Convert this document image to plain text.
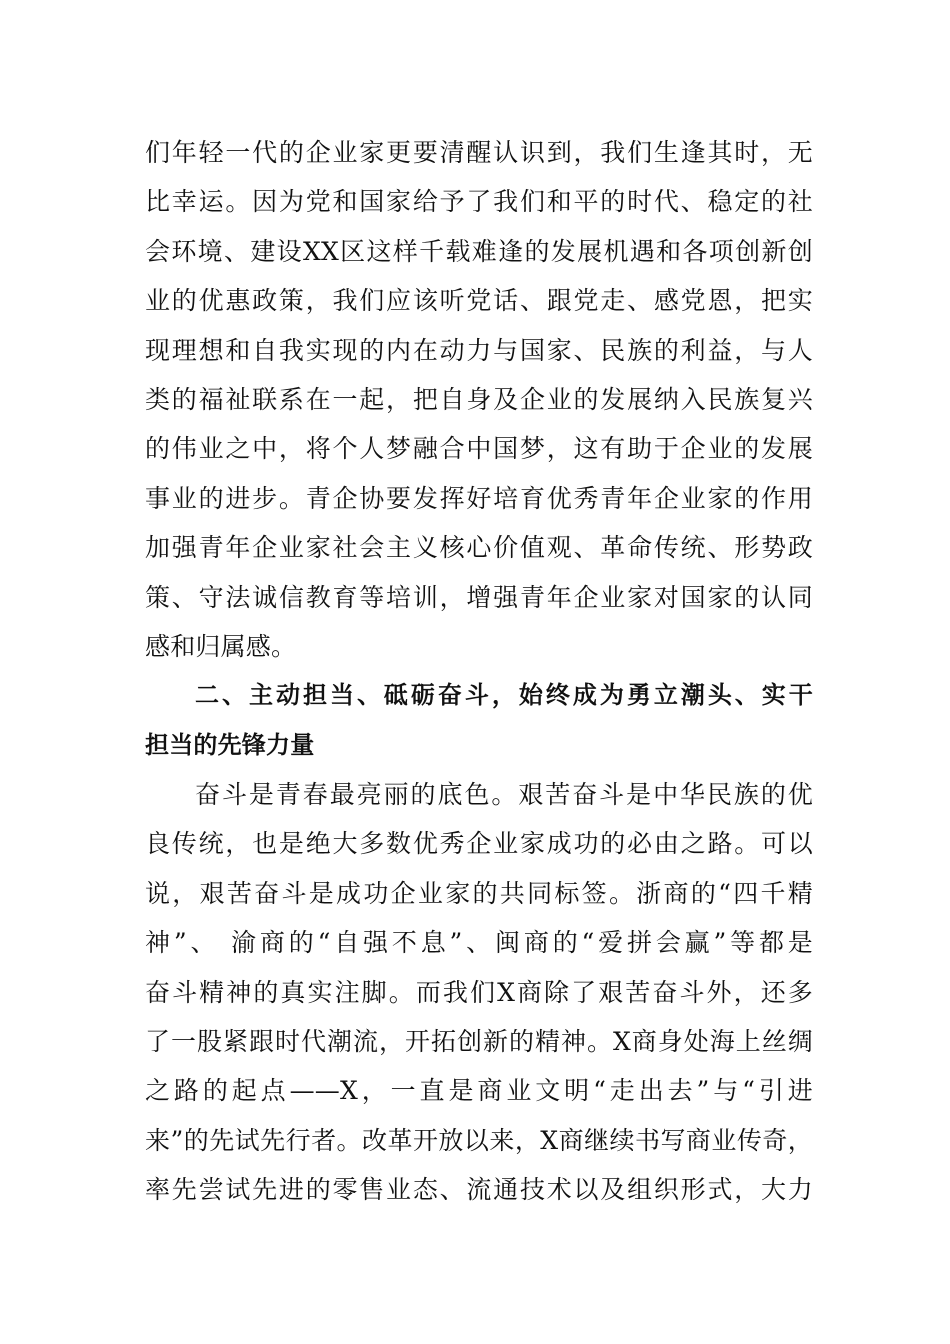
们年轻一代的企业家更要清醒认识到，我们生逢其时，无
比幸运。因为党和国家给予了我们和平的时代、稳定的社
会环境、建设XX区这样千载难逢的发展机遇和各项创新创
业的优惠政策，我们应该听党话、跟党走、感党恩，把实
现理想和自我实现的内在动力与国家、民族的利益，与人
类的福祉联系在一起，把自身及企业的发展纳入民族复兴
的伟业之中，将个人梦融合中国梦，这有助于企业的发展
事业的进步。青企协要发挥好培育优秀青年企业家的作用
加强青年企业家社会主义核心价值观、革命传统、形势政
策、守法诚信教育等培训，增强青年企业家对国家的认同
感和归属感。
二、主动担当、砥砺奋斗，始终成为勇立潮头、实干
担当的先锋力量
奋斗是青春最亮丽的底色。艰苦奋斗是中华民族的优
良传统，也是绝大多数优秀企业家成功的必由之路。可以
说，艰苦奋斗是成功企业家的共同标签。浙商的“四千精
神”、 渝商的“自强不息”、闽商的“爱拼会赢”等都是
奋斗精神的真实注脚。而我们X商除了艰苦奋斗外，还多
了一股紧跟时代潮流，开拓创新的精神。X商身处海上丝绸
之路的起点——X，一直是商业文明“走出去”与“引进
来”的先试先行者。改革开放以来，X商继续书写商业传奇，
率先尝试先进的零售业态、流通技术以及组织形式，大力
